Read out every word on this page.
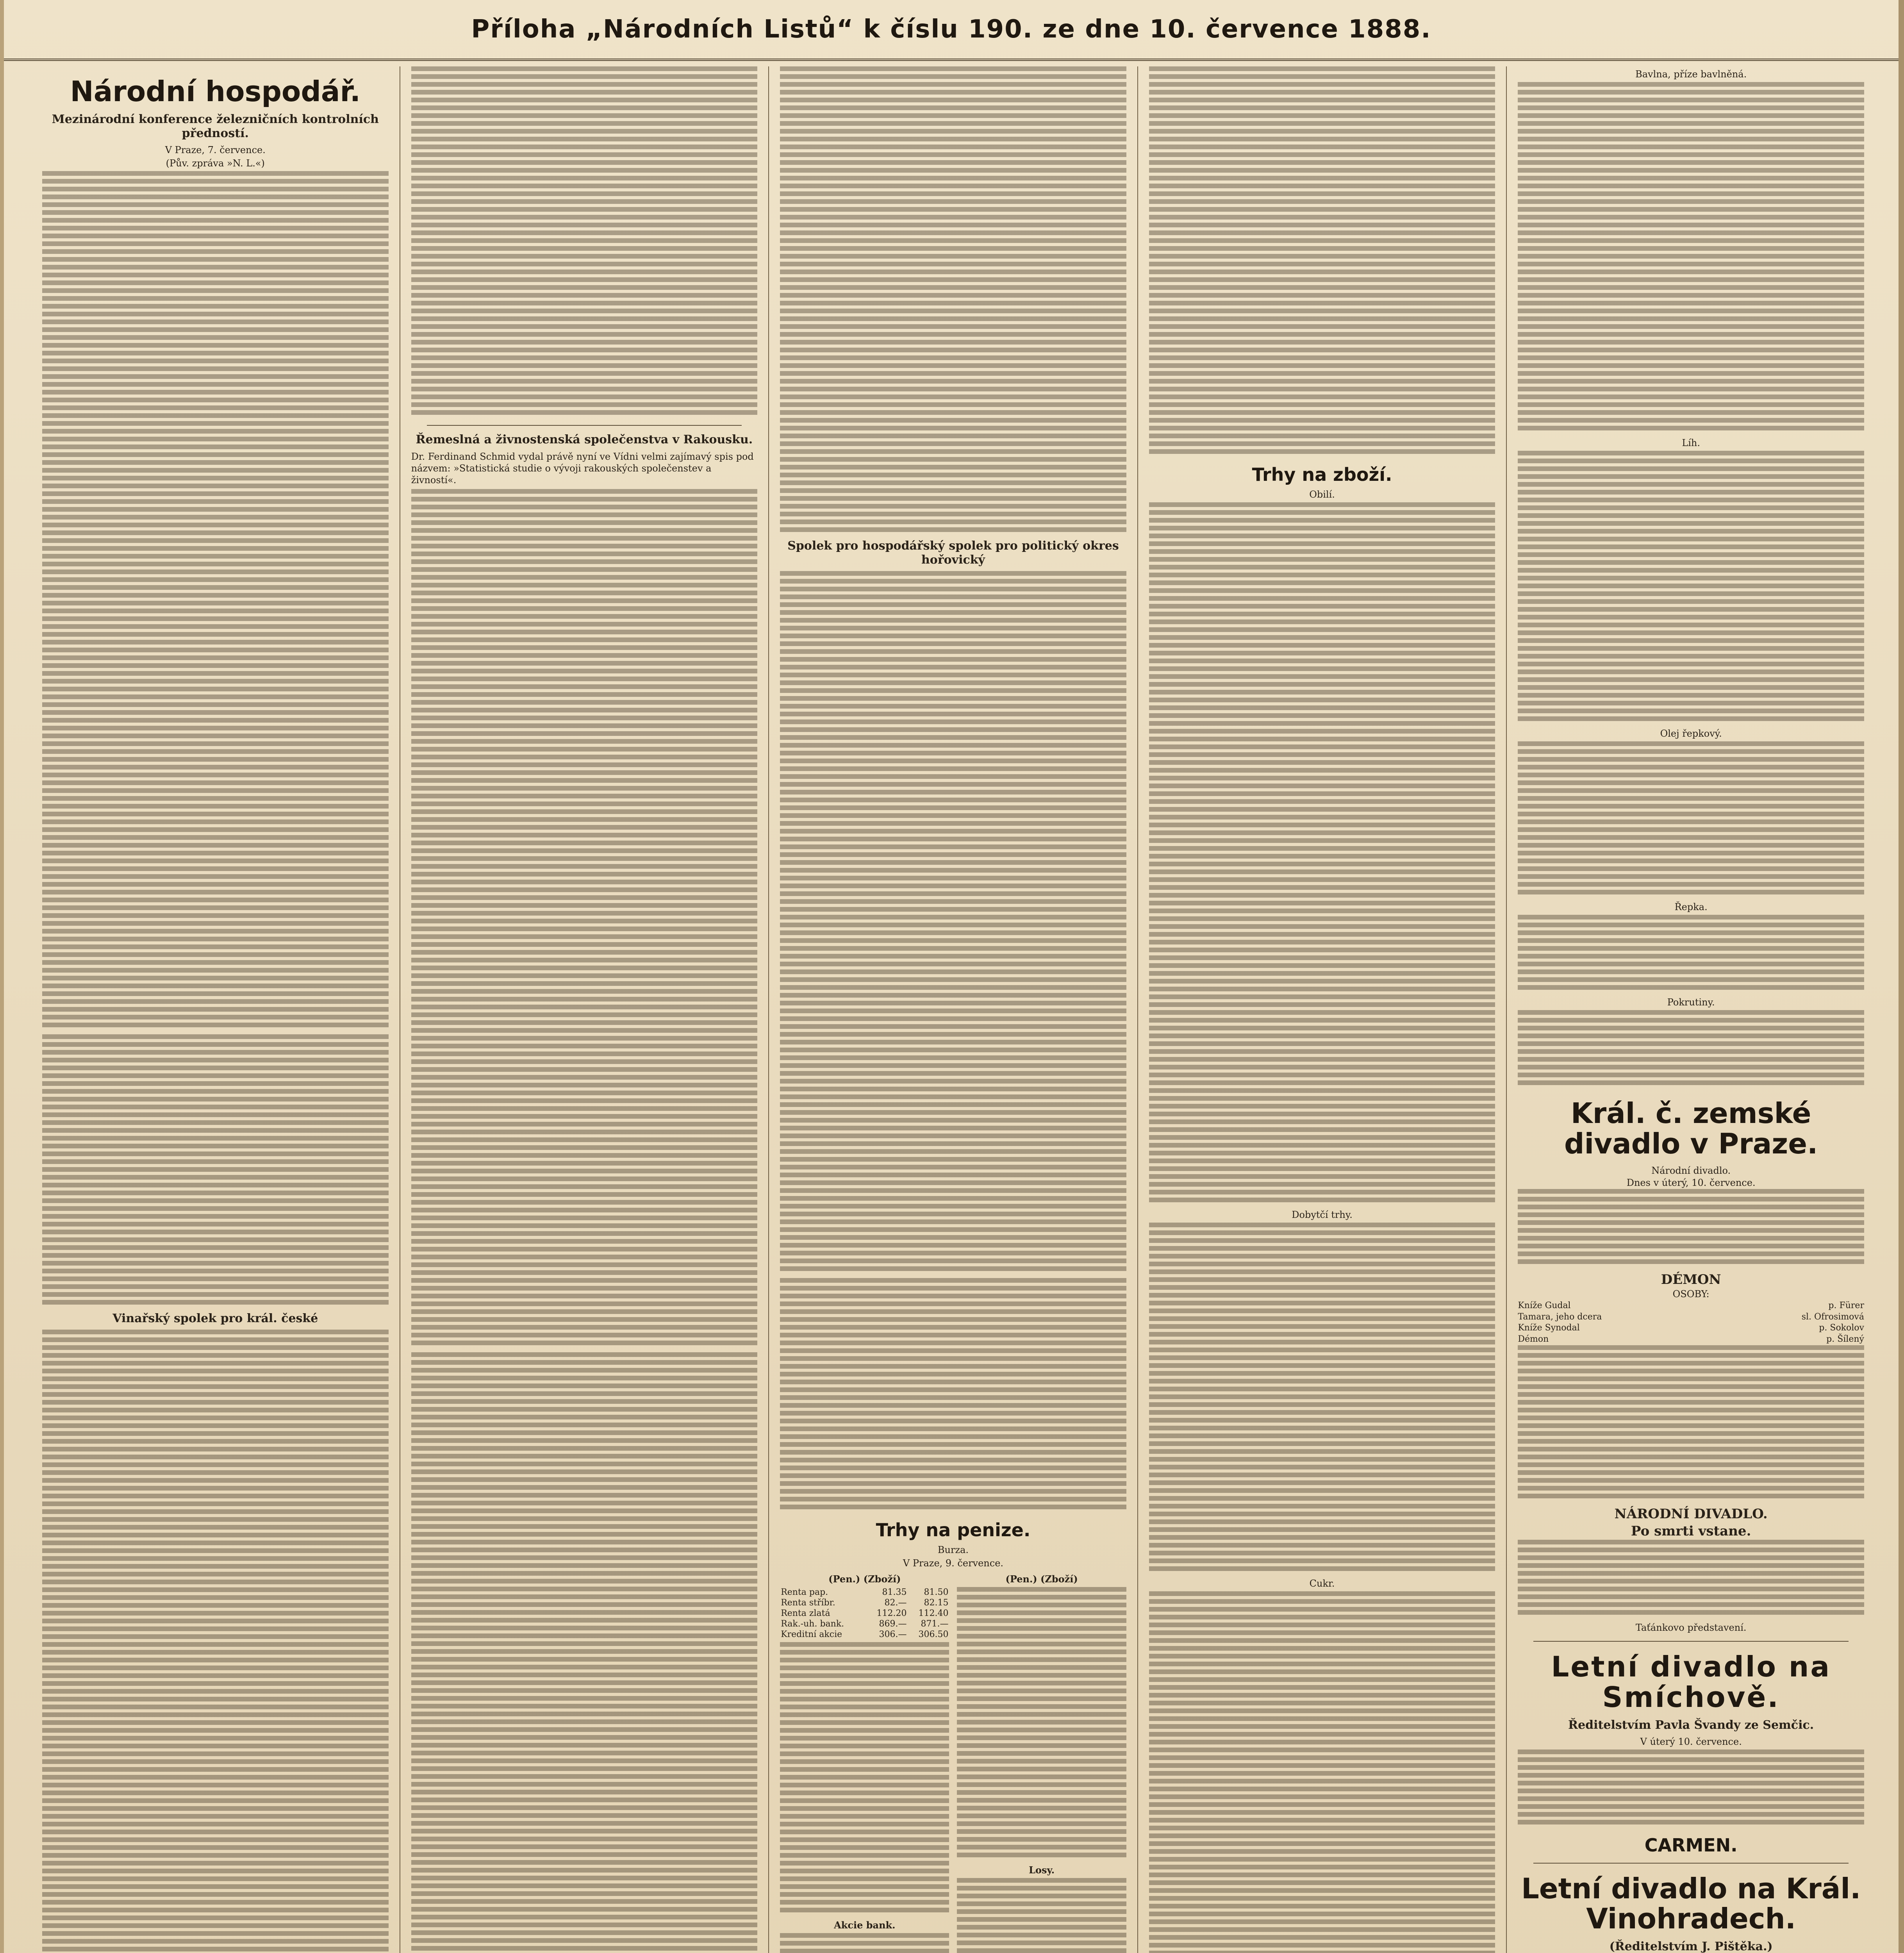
Příloha „Národních Listů“ k číslu 190. ze dne 10. července 1888.
Národní hospodář.
Mezinárodní konference železničních kontrolních předností.
V Praze, 7. července.
(Pův. zpráva »N. L.«)
Vinařský spolek pro král. české
Řemeslná a živnostenská společenstva v Rakousku.
Dr. Ferdinand Schmid vydal právě nyní ve Vídni velmi zajímavý spis pod názvem: »Statistická studie o vývoji rakouských společenstev a živností«.
Spolek pro hospodářský spolek pro politický okres hořovický
Trhy na penize.
Burza.
V Praze, 9. července.
(Pen.) (Zboží)
Renta pap.	81.35	81.50
Renta stříbr.	82.—	82.15
Renta zlatá	112.20	112.40
Rak.-uh. bank.	869.—	871.—
Kreditní akcie	306.—	306.50
Akcie bank.
(Pen.) (Zboží)
Losy.
Trhy na zboží.
Obilí.
Dobytčí trhy.
Cukr.
Bavlna, příze bavlněná.
Líh.
Olej řepkový.
Řepka.
Pokrutiny.
Král. č. zemské divadlo v Praze.
Národní divadlo.
Dnes v úterý, 10. července.
DÉMON
OSOBY:
Kníže Gudal	p. Fürer
Tamara, jeho dcera	sl. Ofrosimová
Kníže Synodal	p. Sokolov
Démon	p. Šílený
NÁRODNÍ DIVADLO.
Po smrti vstane.
Taťánkovo představení.
Letní divadlo na Smíchově.
Ředitelstvím Pavla Švandy ze Semčic.
V úterý 10. července.
CARMEN.
Letní divadlo na Král. Vinohradech.
(Ředitelstvím J. Pištěka.)
